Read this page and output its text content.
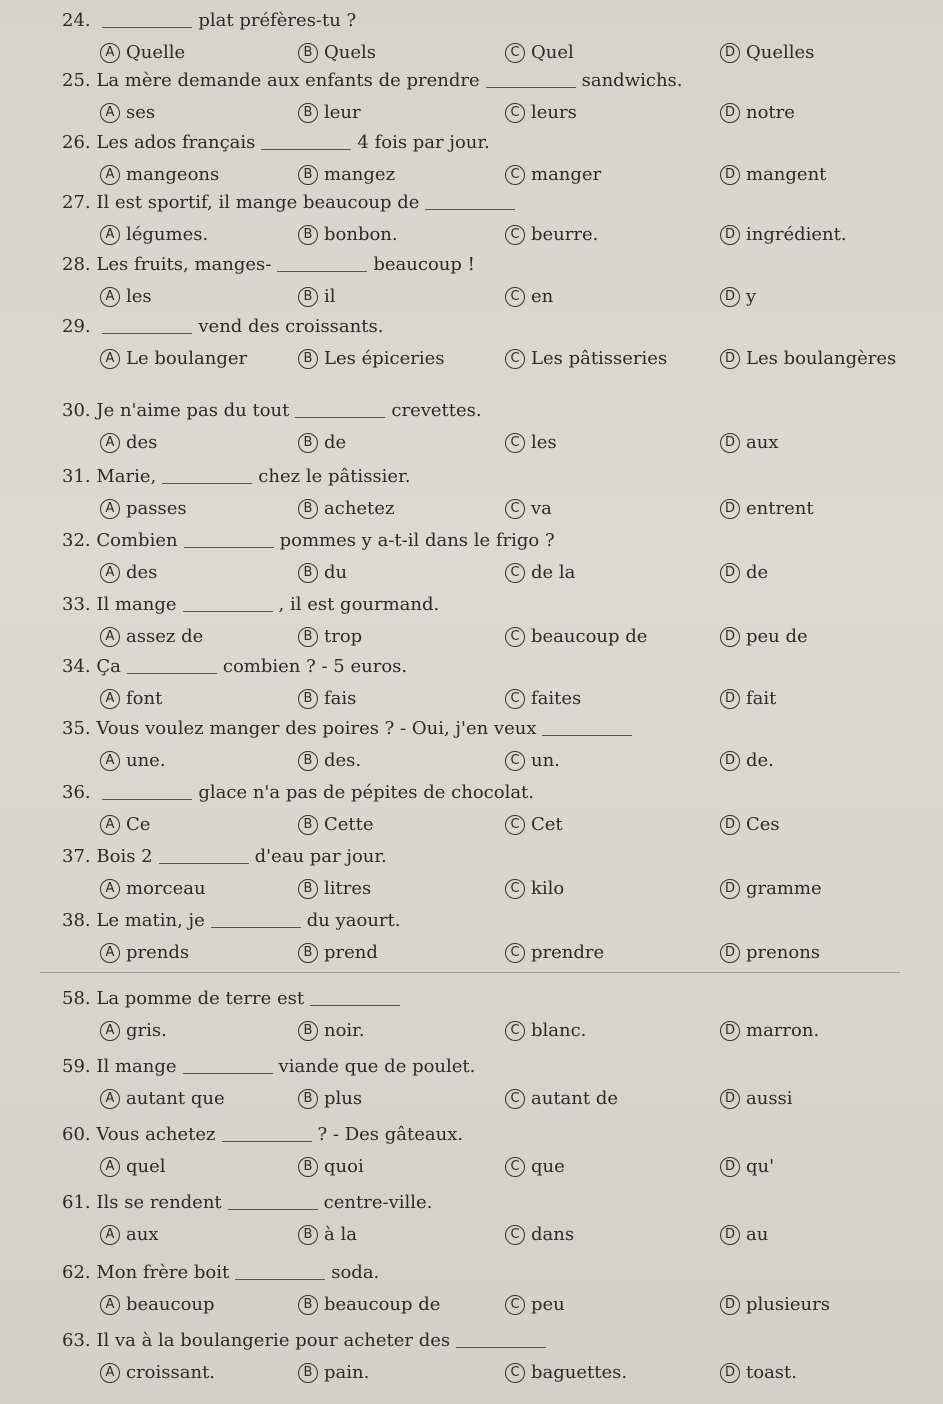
24.	plat préfères-tu ?
A Quelle	B Quels	C Quel	D Quelles
25. La mère demande aux enfants de prendre	sandwichs.
A ses	B leur	C leurs	D notre
26. Les ados français	4 fois par jour.
A mangeons	B mangez	C manger	D mangent
27. Il est sportif, il mange beaucoup de
A légumes.	B bonbon.	C beurre.	D ingrédient.
28. Les fruits, manges-	beaucoup !
A les	B il	C en	D y
29.	vend des croissants.
A Le boulanger	B Les épiceries	C Les pâtisseries	D Les boulangères
30. Je n'aime pas du tout	crevettes.
A des	B de	C les	D aux
31. Marie,	chez le pâtissier.
A passes	B achetez	C va	D entrent
32. Combien	pommes y a-t-il dans le frigo ?
A des	B du	C de la	D de
33. Il mange	, il est gourmand.
A assez de	B trop	C beaucoup de	D peu de
34. Ça	combien ? - 5 euros.
A font	B fais	C faites	D fait
35. Vous voulez manger des poires ? - Oui, j'en veux
A une.	B des.	C un.	D de.
36.	glace n'a pas de pépites de chocolat.
A Ce	B Cette	C Cet	D Ces
37. Bois 2	d'eau par jour.
A morceau	B litres	C kilo	D gramme
38. Le matin, je	du yaourt.
A prends	B prend	C prendre	D prenons
58. La pomme de terre est
A gris.	B noir.	C blanc.	D marron.
59. Il mange	viande que de poulet.
A autant que	B plus	C autant de	D aussi
60. Vous achetez	? - Des gâteaux.
A quel	B quoi	C que	D qu'
61. Ils se rendent	centre-ville.
A aux	B à la	C dans	D au
62. Mon frère boit	soda.
A beaucoup	B beaucoup de	C peu	D plusieurs
63. Il va à la boulangerie pour acheter des
A croissant.	B pain.	C baguettes.	D toast.
